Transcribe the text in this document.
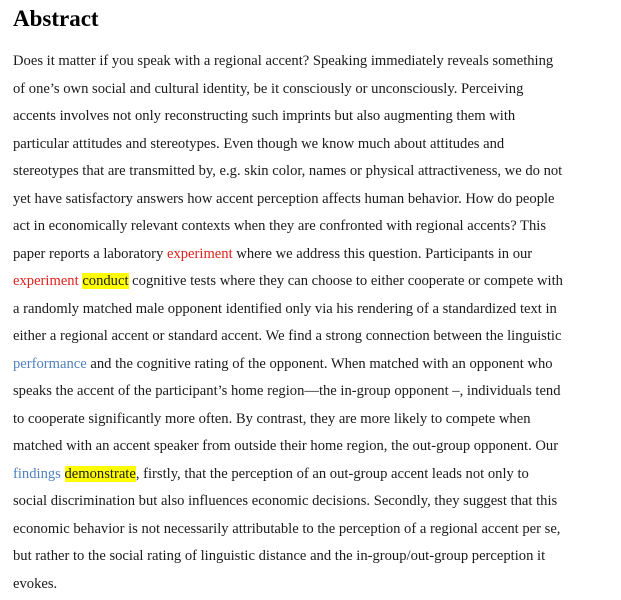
Abstract
Does it matter if you speak with a regional accent? Speaking immediately reveals something
of one’s own social and cultural identity, be it consciously or unconsciously. Perceiving
accents involves not only reconstructing such imprints but also augmenting them with
particular attitudes and stereotypes. Even though we know much about attitudes and
stereotypes that are transmitted by, e.g. skin color, names or physical attractiveness, we do not
yet have satisfactory answers how accent perception affects human behavior. How do people
act in economically relevant contexts when they are confronted with regional accents? This
paper reports a laboratory experiment where we address this question. Participants in our
experiment conduct cognitive tests where they can choose to either cooperate or compete with
a randomly matched male opponent identified only via his rendering of a standardized text in
either a regional accent or standard accent. We find a strong connection between the linguistic
performance and the cognitive rating of the opponent. When matched with an opponent who
speaks the accent of the participant’s home region—the in-group opponent –, individuals tend
to cooperate significantly more often. By contrast, they are more likely to compete when
matched with an accent speaker from outside their home region, the out-group opponent. Our
findings demonstrate, firstly, that the perception of an out-group accent leads not only to
social discrimination but also influences economic decisions. Secondly, they suggest that this
economic behavior is not necessarily attributable to the perception of a regional accent per se,
but rather to the social rating of linguistic distance and the in-group/out-group perception it
evokes.
